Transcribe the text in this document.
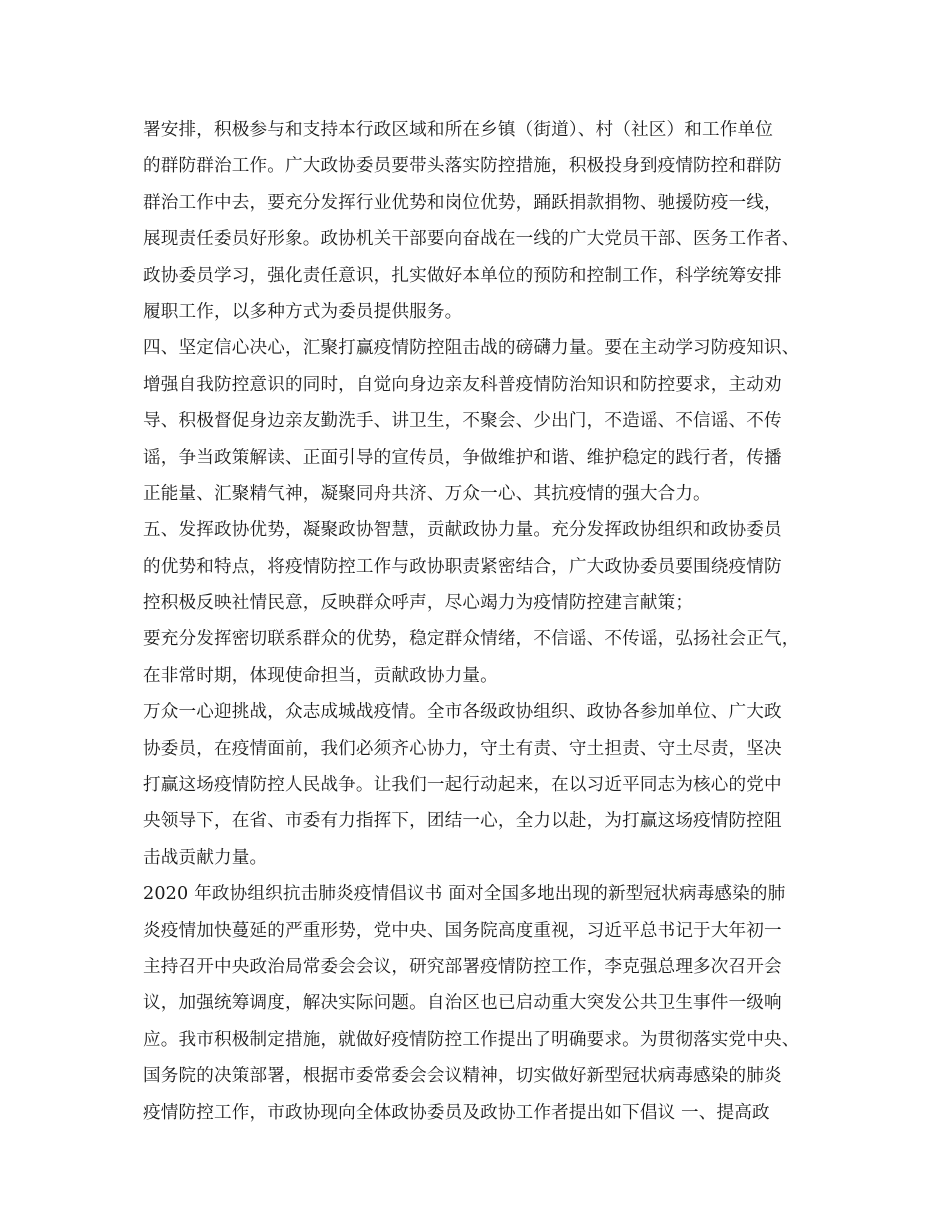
署安排，积极参与和支持本行政区域和所在乡镇（街道）、村（社区）和工作单位
的群防群治工作。广大政协委员要带头落实防控措施，积极投身到疫情防控和群防
群治工作中去，要充分发挥行业优势和岗位优势，踊跃捐款捐物、驰援防疫一线，
展现责任委员好形象。政协机关干部要向奋战在一线的广大党员干部、医务工作者、
政协委员学习，强化责任意识，扎实做好本单位的预防和控制工作，科学统筹安排
履职工作，以多种方式为委员提供服务。
四、坚定信心决心，汇聚打赢疫情防控阻击战的磅礴力量。要在主动学习防疫知识、
增强自我防控意识的同时，自觉向身边亲友科普疫情防治知识和防控要求，主动劝
导、积极督促身边亲友勤洗手、讲卫生，不聚会、少出门，不造谣、不信谣、不传
谣，争当政策解读、正面引导的宣传员，争做维护和谐、维护稳定的践行者，传播
正能量、汇聚精气神，凝聚同舟共济、万众一心、其抗疫情的强大合力。
五、发挥政协优势，凝聚政协智慧，贡献政协力量。充分发挥政协组织和政协委员
的优势和特点，将疫情防控工作与政协职责紧密结合，广大政协委员要围绕疫情防
控积极反映社情民意，反映群众呼声，尽心竭力为疫情防控建言献策；
要充分发挥密切联系群众的优势，稳定群众情绪，不信谣、不传谣，弘扬社会正气，
在非常时期，体现使命担当，贡献政协力量。
万众一心迎挑战，众志成城战疫情。全市各级政协组织、政协各参加单位、广大政
协委员，在疫情面前，我们必须齐心协力，守土有责、守土担责、守土尽责，坚决
打赢这场疫情防控人民战争。让我们一起行动起来，在以习近平同志为核心的党中
央领导下，在省、市委有力指挥下，团结一心，全力以赴，为打赢这场疫情防控阻
击战贡献力量。
2020 年政协组织抗击肺炎疫情倡议书 面对全国多地出现的新型冠状病毒感染的肺
炎疫情加快蔓延的严重形势，党中央、国务院高度重视，习近平总书记于大年初一
主持召开中央政治局常委会会议，研究部署疫情防控工作，李克强总理多次召开会
议，加强统筹调度，解决实际问题。自治区也已启动重大突发公共卫生事件一级响
应。我市积极制定措施，就做好疫情防控工作提出了明确要求。为贯彻落实党中央、
国务院的决策部署，根据市委常委会会议精神，切实做好新型冠状病毒感染的肺炎
疫情防控工作，市政协现向全体政协委员及政协工作者提出如下倡议 一、提高政
